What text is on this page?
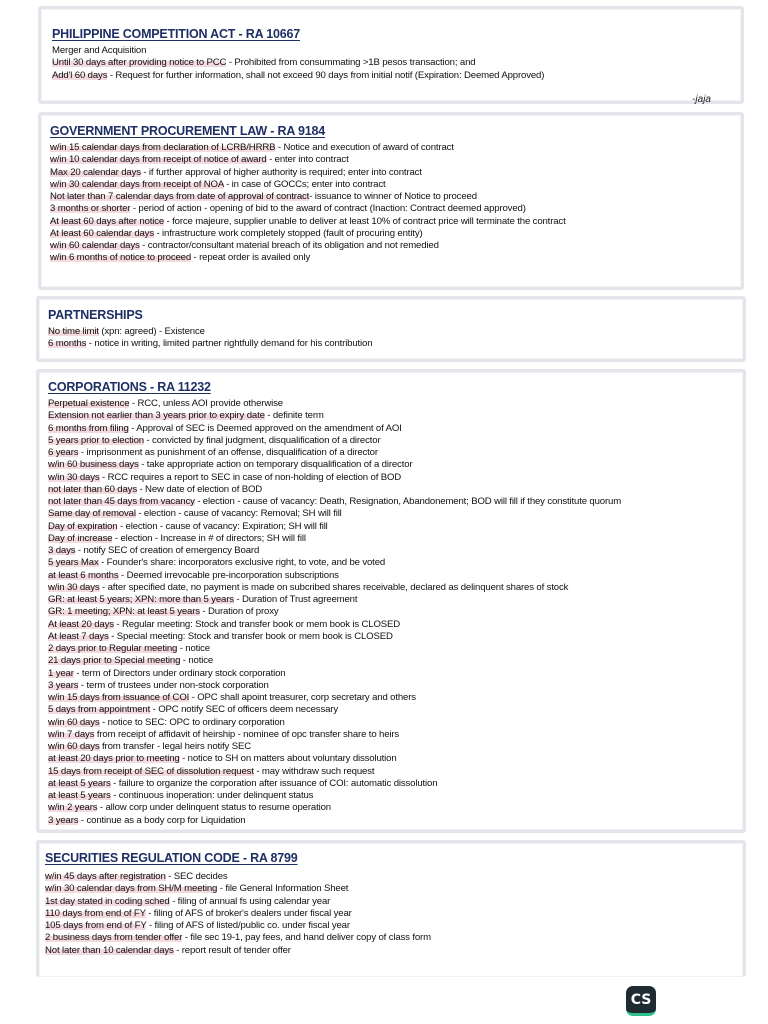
PHILIPPINE COMPETITION ACT - RA 10667
Merger and Acquisition
Until 30 days after providing notice to PCC - Prohibited from consummating >1B pesos transaction; and
Add'l 60 days - Request for further information, shall not exceed 90 days from initial notif (Expiration: Deemed Approved)
-jaja
GOVERNMENT PROCUREMENT LAW - RA 9184
w/in 15 calendar days from declaration of LCRB/HRRB - Notice and execution of award of contract
w/in 10 calendar days from receipt of notice of award - enter into contract
Max 20 calendar days - if further approval of higher authority is required; enter into contract
w/in 30 calendar days from receipt of NOA - in case of GOCCs; enter into contract
Not later than 7 calendar days from date of approval of contract- issuance to winner of Notice to proceed
3 months or shorter - period of action - opening of bid to the award of contract (Inaction: Contract deemed approved)
At least 60 days after notice - force majeure, supplier unable to deliver at least 10% of contract price will terminate the contract
At least 60 calendar days - infrastructure work completely stopped (fault of procuring entity)
w/in 60 calendar days - contractor/consultant material breach of its obligation and not remedied
w/in 6 months of notice to proceed - repeat order is availed only
PARTNERSHIPS
No time limit (xpn: agreed) - Existence
6 months - notice in writing, limited partner rightfully demand for his contribution
CORPORATIONS - RA 11232
Perpetual existence - RCC, unless AOI provide otherwise
Extension not earlier than 3 years prior to expiry date - definite term
6 months from filing - Approval of SEC is Deemed approved on the amendment of AOI
5 years prior to election - convicted by final judgment, disqualification of a director
6 years - imprisonment as punishment of an offense, disqualification of a director
w/in 60 business days - take appropriate action on temporary disqualification of a director
w/in 30 days - RCC requires a report to SEC in case of non-holding of election of BOD
not later than 60 days - New date of election of BOD
not later than 45 days from vacancy - election - cause of vacancy: Death, Resignation, Abandonement; BOD will fill if they constitute quorum
Same day of removal - election - cause of vacancy: Removal; SH will fill
Day of expiration - election - cause of vacancy: Expiration; SH will fill
Day of increase - election - Increase in # of directors; SH will fill
3 days - notify SEC of creation of emergency Board
5 years Max - Founder's share: incorporators exclusive right, to vote, and be voted
at least 6 months - Deemed irrevocable pre-incorporation subscriptions
w/in 30 days - after specified date, no payment is made on subcribed shares receivable, declared as delinquent shares of stock
GR: at least 5 years; XPN: more than 5 years - Duration of Trust agreement
GR: 1 meeting; XPN: at least 5 years - Duration of proxy
At least 20 days - Regular meeting: Stock and transfer book or mem book is CLOSED
At least 7 days - Special meeting: Stock and transfer book or mem book is CLOSED
2 days prior to Regular meeting - notice
21 days prior to Special meeting - notice
1 year - term of Directors under ordinary stock corporation
3 years - term of trustees under non-stock corporation
w/in 15 days from issuance of COI - OPC shall apoint treasurer, corp secretary and others
5 days from appointment - OPC notify SEC of officers deem necessary
w/in 60 days - notice to SEC: OPC to ordinary corporation
w/in 7 days from receipt of affidavit of heirship - nominee of opc transfer share to heirs
w/in 60 days from transfer - legal heirs notify SEC
at least 20 days prior to meeting - notice to SH on matters about voluntary dissolution
15 days from receipt of SEC of dissolution request - may withdraw such request
at least 5 years - failure to organize the corporation after issuance of COI: automatic dissolution
at least 5 years - continuous inoperation: under delinquent status
w/in 2 years - allow corp under delinquent status to resume operation
3 years - continue as a body corp for Liquidation
SECURITIES REGULATION CODE - RA 8799
w/in 45 days after registration - SEC decides
w/in 30 calendar days from SH/M meeting - file General Information Sheet
1st day stated in coding sched - filing of annual fs using calendar year
110 days from end of FY - filing of AFS of broker's dealers under fiscal year
105 days from end of FY - filing of AFS of listed/public co. under fiscal year
2 business days from tender offer - file sec 19-1, pay fees, and hand deliver copy of class form
Not later than 10 calendar days - report result of tender offer
CS
